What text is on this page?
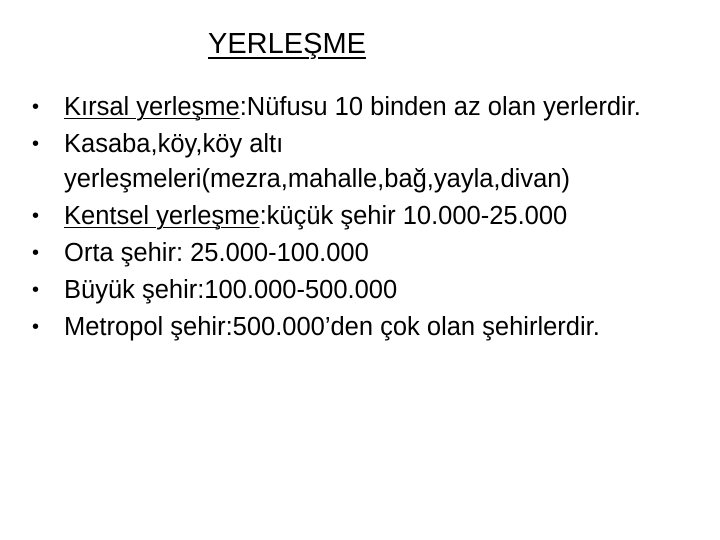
YERLEŞME
• Kırsal yerleşme:Nüfusu 10 binden az olan yerlerdir.
• Kasaba,köy,köy altı yerleşmeleri(mezra,mahalle,bağ,yayla,divan)
• Kentsel yerleşme:küçük şehir 10.000-25.000
• Orta şehir: 25.000-100.000
• Büyük şehir:100.000-500.000
• Metropol şehir:500.000’den çok olan şehirlerdir.
